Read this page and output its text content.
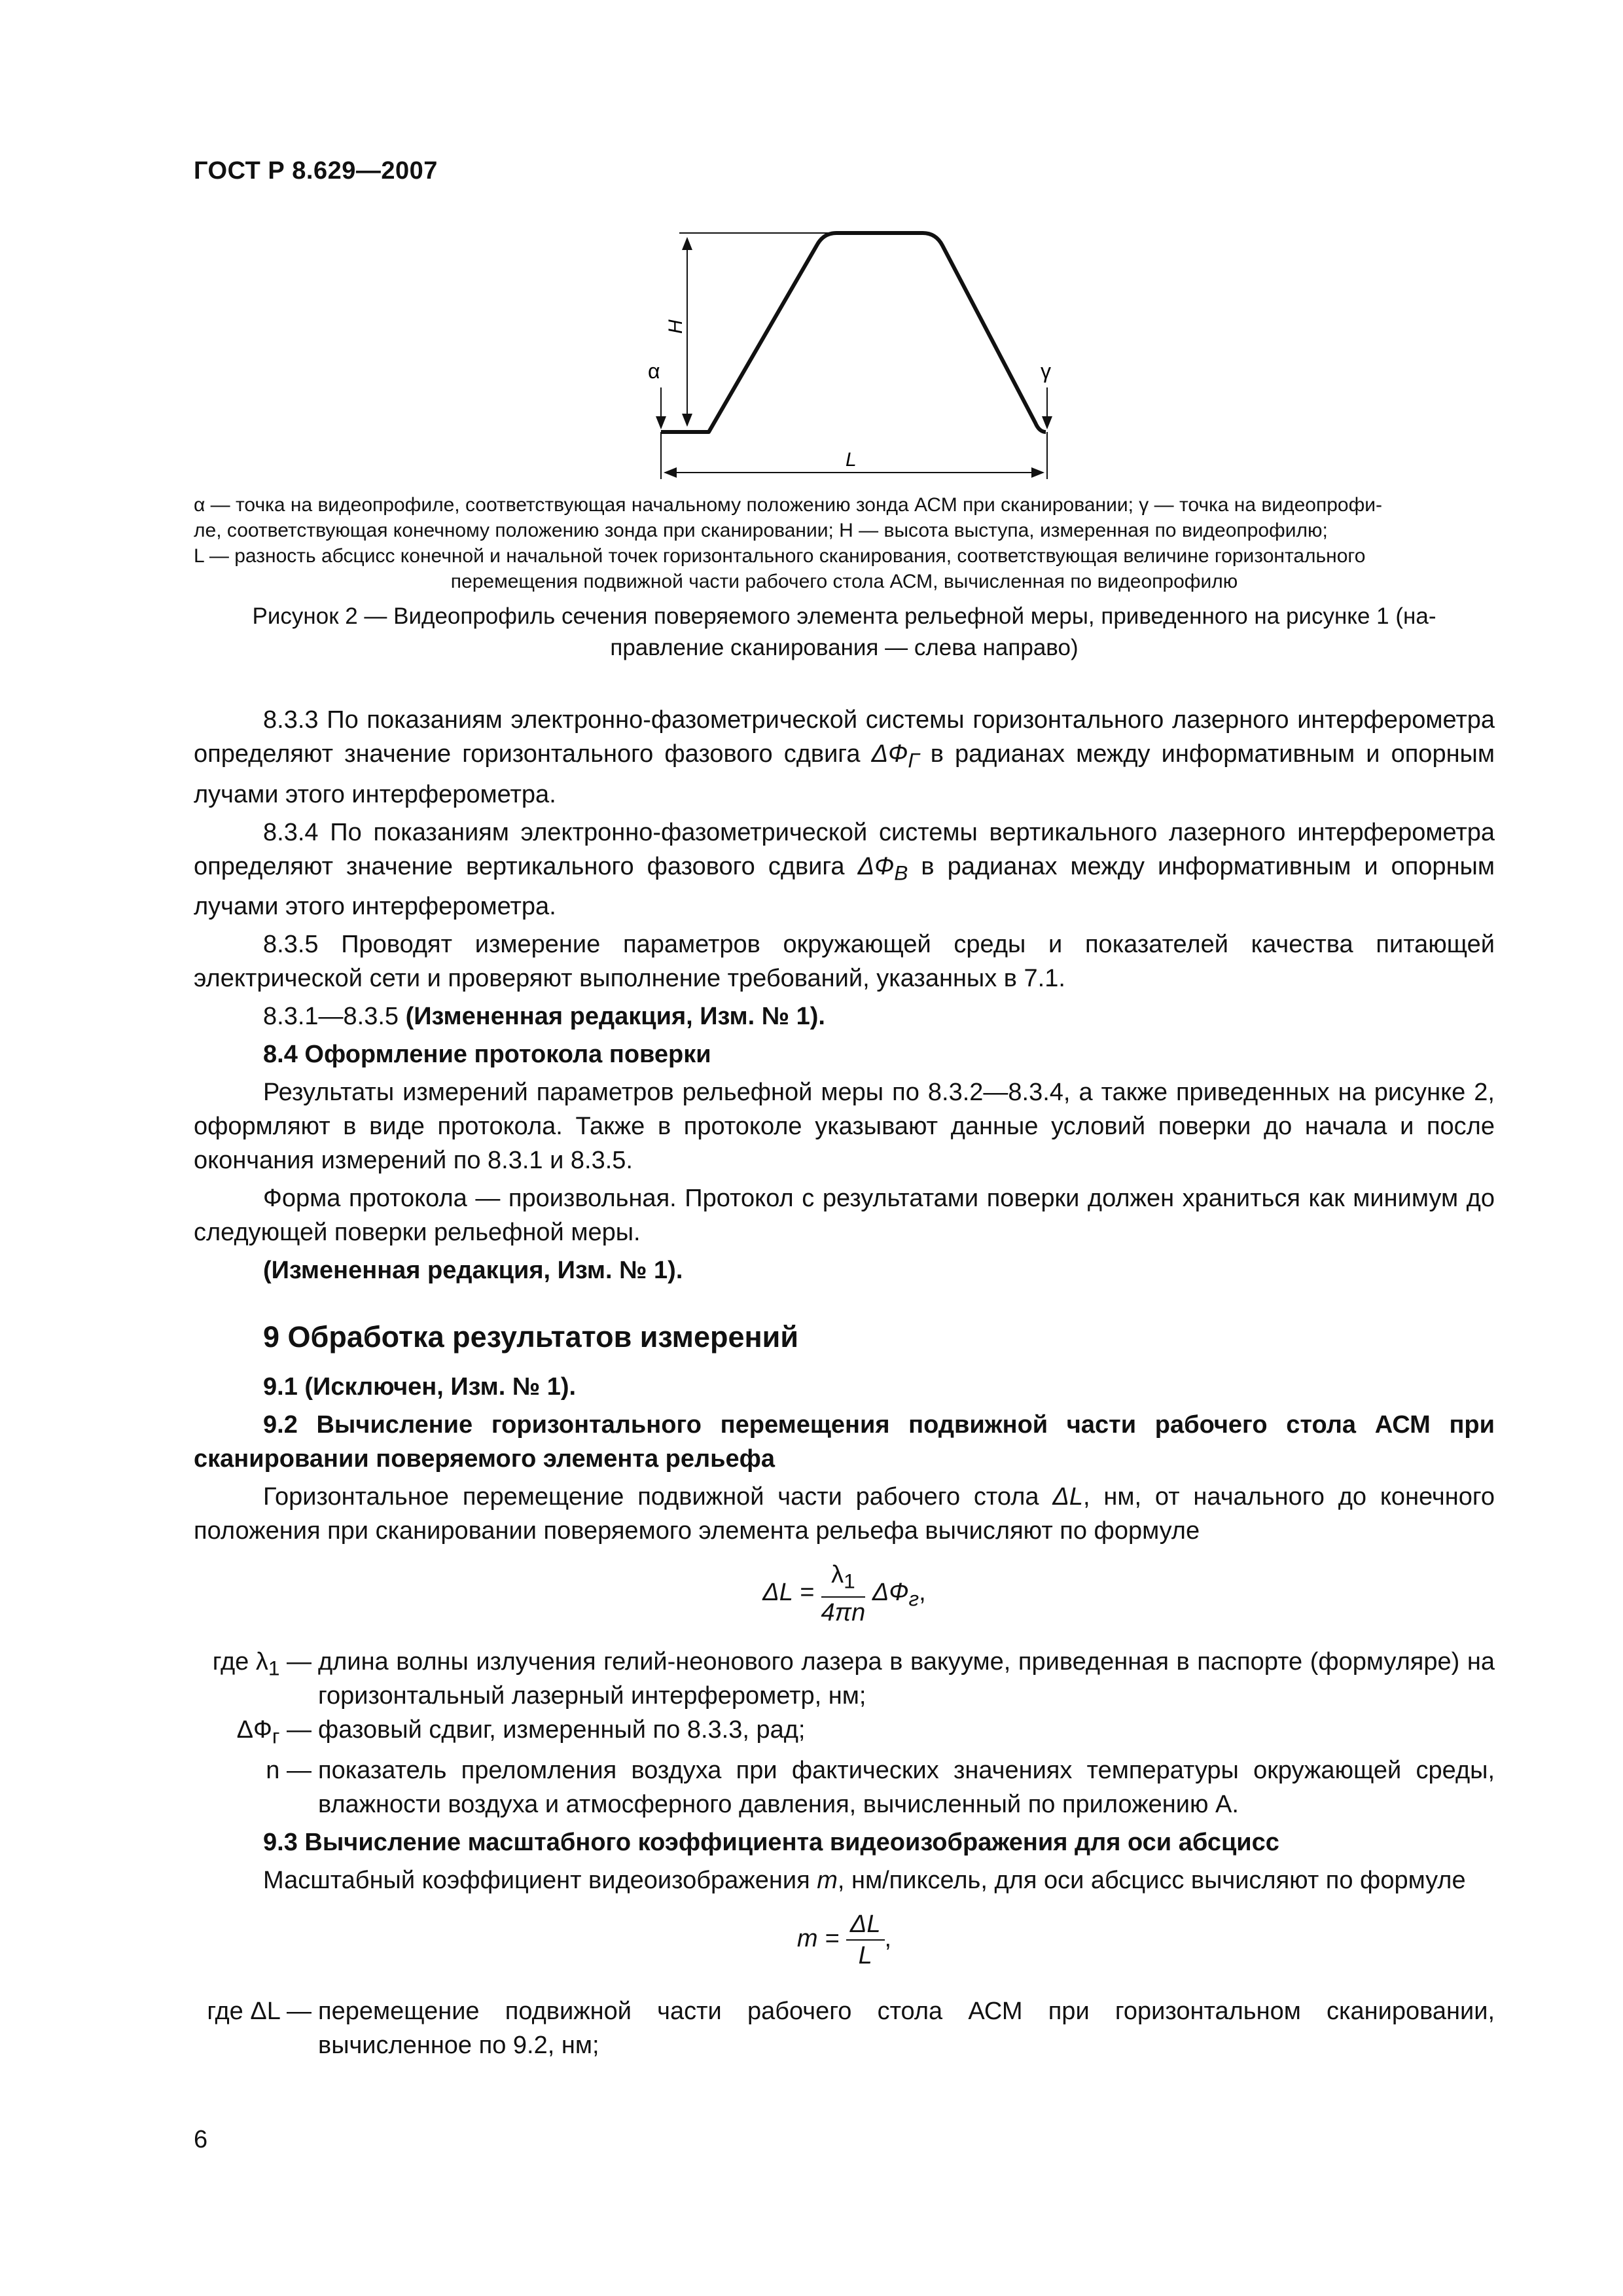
ГОСТ Р 8.629—2007
H
α	γ
L
α — точка на видеопрофиле, соответствующая начальному положению зонда АСМ при сканировании; γ — точка на видеопрофи-
ле, соответствующая конечному положению зонда при сканировании; Н — высота выступа, измеренная по видеопрофилю;
L — разность абсцисс конечной и начальной точек горизонтального сканирования, соответствующая величине горизонтального
перемещения подвижной части рабочего стола АСМ, вычисленная по видеопрофилю
Рисунок 2 — Видеопрофиль сечения поверяемого элемента рельефной меры, приведенного на рисунке 1 (на-
правление сканирования — слева направо)

8.3.3 По показаниям электронно-фазометрической системы горизонтального лазерного интерферометра определяют значение горизонтального фазового сдвига $\Delta Ф_Г$ в радианах между информативным и опорным лучами этого интерферометра.

8.3.4 По показаниям электронно-фазометрической системы вертикального лазерного интерферометра определяют значение вертикального фазового сдвига $\Delta Ф_В$ в радианах между информативным и опорным лучами этого интерферометра.

8.3.5 Проводят измерение параметров окружающей среды и показателей качества питающей электрической сети и проверяют выполнение требований, указанных в 7.1.

8.3.1—8.3.5 (Измененная редакция, Изм. № 1).

8.4 Оформление протокола поверки

Результаты измерений параметров рельефной меры по 8.3.2—8.3.4, а также приведенных на рисунке 2, оформляют в виде протокола. Также в протоколе указывают данные условий поверки до начала и после окончания измерений по 8.3.1 и 8.3.5.

Форма протокола — произвольная. Протокол с результатами поверки должен храниться как минимум до следующей поверки рельефной меры.

(Измененная редакция, Изм. № 1).

9 Обработка результатов измерений

9.1 (Исключен, Изм. № 1).

9.2 Вычисление горизонтального перемещения подвижной части рабочего стола АСМ при сканировании поверяемого элемента рельефа

Горизонтальное перемещение подвижной части рабочего стола ΔL, нм, от начального до конечного положения при сканировании поверяемого элемента рельефа вычисляют по формуле

$\Delta L = \frac{\lambda_1}{4\pi n} \Delta Ф_г$,
где $\lambda_1$ — длина волны излучения гелий-неонового лазера в вакууме, приведенная в паспорте (формуляре) на горизонтальный лазерный интерферометр, нм;
$\Delta Ф_г$ — фазовый сдвиг, измеренный по 8.3.3, рад;
n — показатель преломления воздуха при фактических значениях температуры окружающей среды, влажности воздуха и атмосферного давления, вычисленный по приложению А.

9.3 Вычисление масштабного коэффициента видеоизображения для оси абсцисс

Масштабный коэффициент видеоизображения m, нм/пиксель, для оси абсцисс вычисляют по формуле

$m = \frac{\Delta L}{L}$ ,
где ΔL — перемещение подвижной части рабочего стола АСМ при горизонтальном сканировании, вычисленное по 9.2, нм;
6
